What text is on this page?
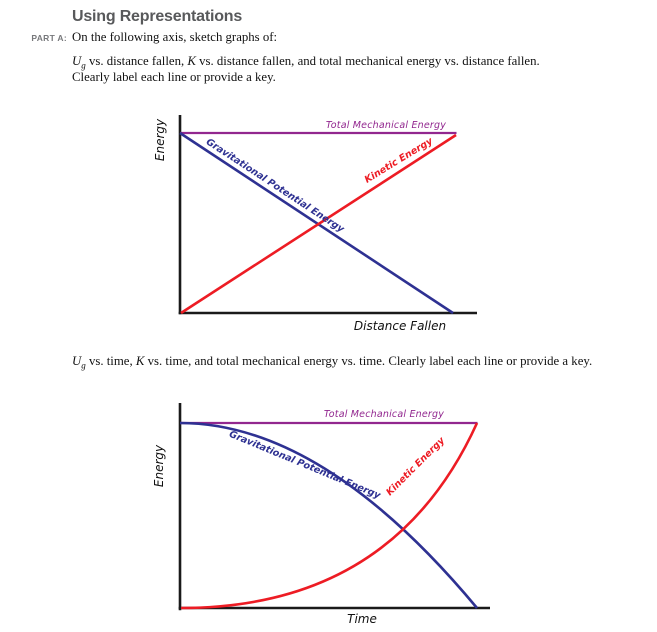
Using Representations
PART A: On the following axis, sketch graphs of:
$U_g$ vs. distance fallen, K vs. distance fallen, and total mechanical energy vs. distance fallen.
Clearly label each line or provide a key.
$U_g$ vs. time, K vs. time, and total mechanical energy vs. time. Clearly label each line or provide a key.
Total Mechanical Energy
Gravitational Potential Energy Kinetic Energy
Energy
Distance Fallen
Total Mechanical Energy
Gravitational Potential Energy Kinetic Energy
Energy
Time
